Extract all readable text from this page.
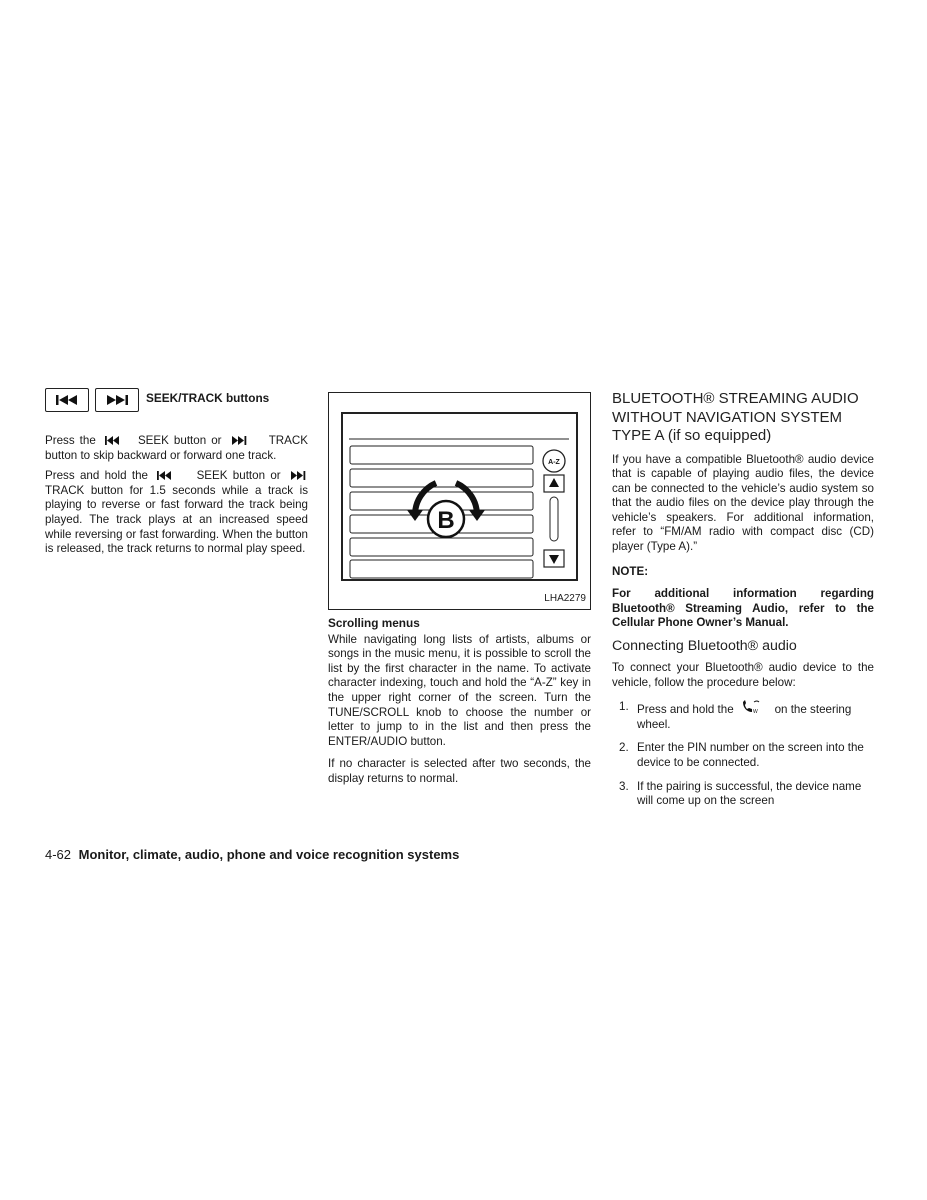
SEEK/TRACK buttons

Press the	SEEK button or	TRACK button to skip backward or forward one track.

Press and hold the	SEEK button or  TRACK button for 1.5 seconds while a track is playing to reverse or fast forward the track being played. The track plays at an increased speed while reversing or fast forwarding. When the button is released, the track returns to normal play speed.

A-Z
B
LHA2279
Scrolling menus

While navigating long lists of artists, albums or songs in the music menu, it is possible to scroll the list by the first character in the name. To activate character indexing, touch and hold the “A-Z” key in the upper right corner of the screen. Turn the TUNE/SCROLL knob to choose the number or letter to jump to in the list and then press the ENTER/AUDIO button.

If no character is selected after two seconds, the display returns to normal.

BLUETOOTH® STREAMING AUDIO
WITHOUT NAVIGATION SYSTEM
TYPE A (if so equipped)

If you have a compatible Bluetooth® audio device that is capable of playing audio files, the device can be connected to the vehicle’s audio system so that the audio files on the device play through the vehicle’s speakers. For additional information, refer to “FM/AM radio with compact disc (CD) player (Type A).”

NOTE:

For additional information regarding Bluetooth® Streaming Audio, refer to the Cellular Phone Owner’s Manual.

Connecting Bluetooth® audio

To connect your Bluetooth® audio device to the vehicle, follow the procedure below:

1. Press and hold the	W on the steering wheel.
2. Enter the PIN number on the screen into the device to be connected.
3. If the pairing is successful, the device name will come up on the screen
4-62 Monitor, climate, audio, phone and voice recognition systems
